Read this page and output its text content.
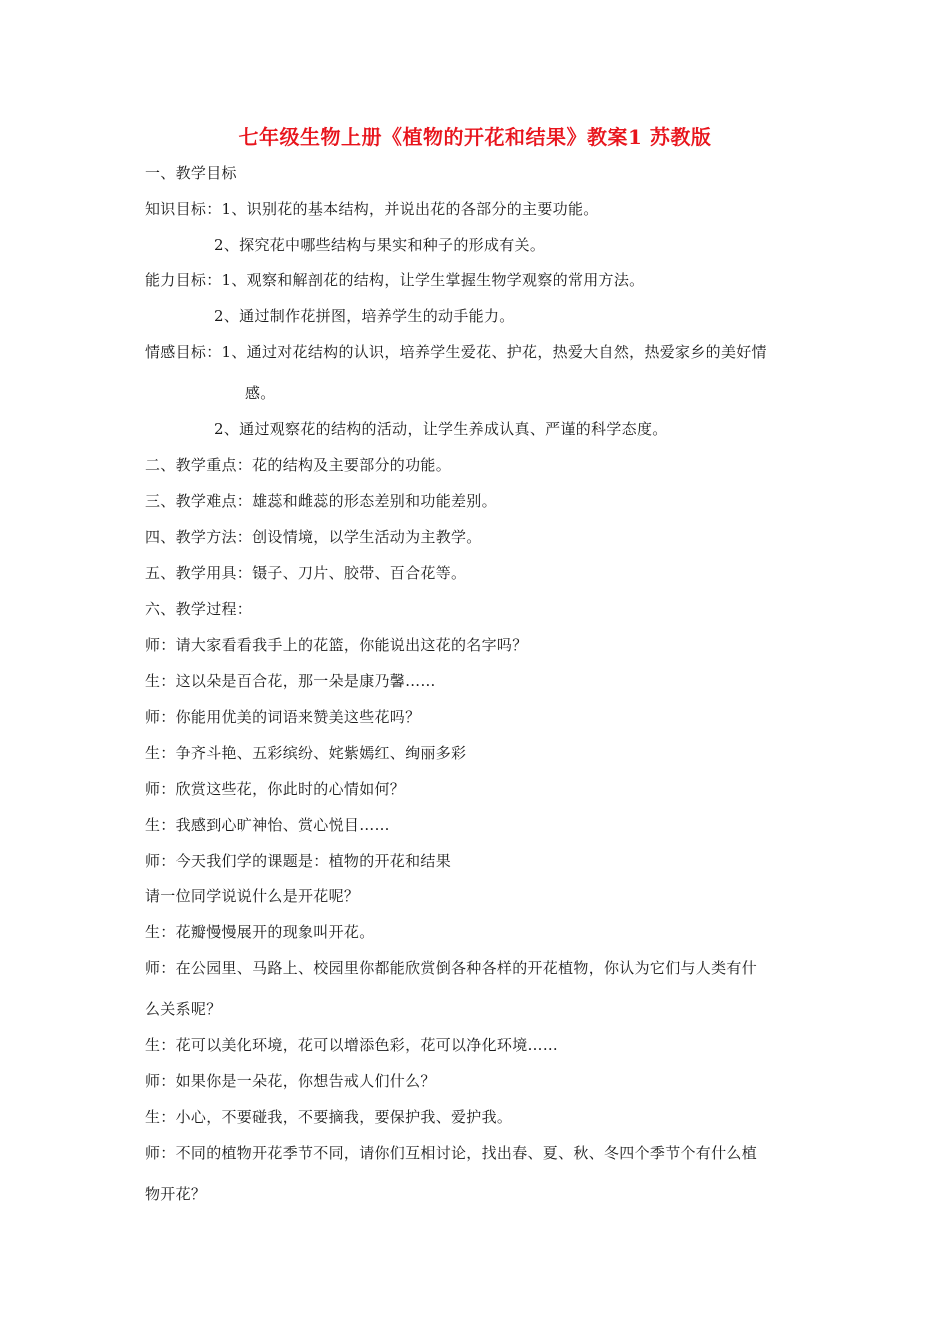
七年级生物上册《植物的开花和结果》教案1 苏教版
一、教学目标
知识目标：1、识别花的基本结构，并说出花的各部分的主要功能。
2、探究花中哪些结构与果实和种子的形成有关。
能力目标：1、观察和解剖花的结构，让学生掌握生物学观察的常用方法。
2、通过制作花拼图，培养学生的动手能力。
情感目标：1、通过对花结构的认识，培养学生爱花、护花，热爱大自然，热爱家乡的美好情
感。
2、通过观察花的结构的活动，让学生养成认真、严谨的科学态度。
二、教学重点：花的结构及主要部分的功能。
三、教学难点：雄蕊和雌蕊的形态差别和功能差别。
四、教学方法：创设情境，以学生活动为主教学。
五、教学用具：镊子、刀片、胶带、百合花等。
六、教学过程：
师：请大家看看我手上的花篮，你能说出这花的名字吗？
生：这以朵是百合花，那一朵是康乃馨……
师：你能用优美的词语来赞美这些花吗？
生：争齐斗艳、五彩缤纷、姹紫嫣红、绚丽多彩
师：欣赏这些花，你此时的心情如何？
生：我感到心旷神怡、赏心悦目……
师：今天我们学的课题是：植物的开花和结果
请一位同学说说什么是开花呢？
生：花瓣慢慢展开的现象叫开花。
师：在公园里、马路上、校园里你都能欣赏倒各种各样的开花植物，你认为它们与人类有什
么关系呢？
生：花可以美化环境，花可以增添色彩，花可以净化环境……
师：如果你是一朵花，你想告戒人们什么？
生：小心，不要碰我，不要摘我，要保护我、爱护我。
师：不同的植物开花季节不同，请你们互相讨论，找出春、夏、秋、冬四个季节个有什么植
物开花？
